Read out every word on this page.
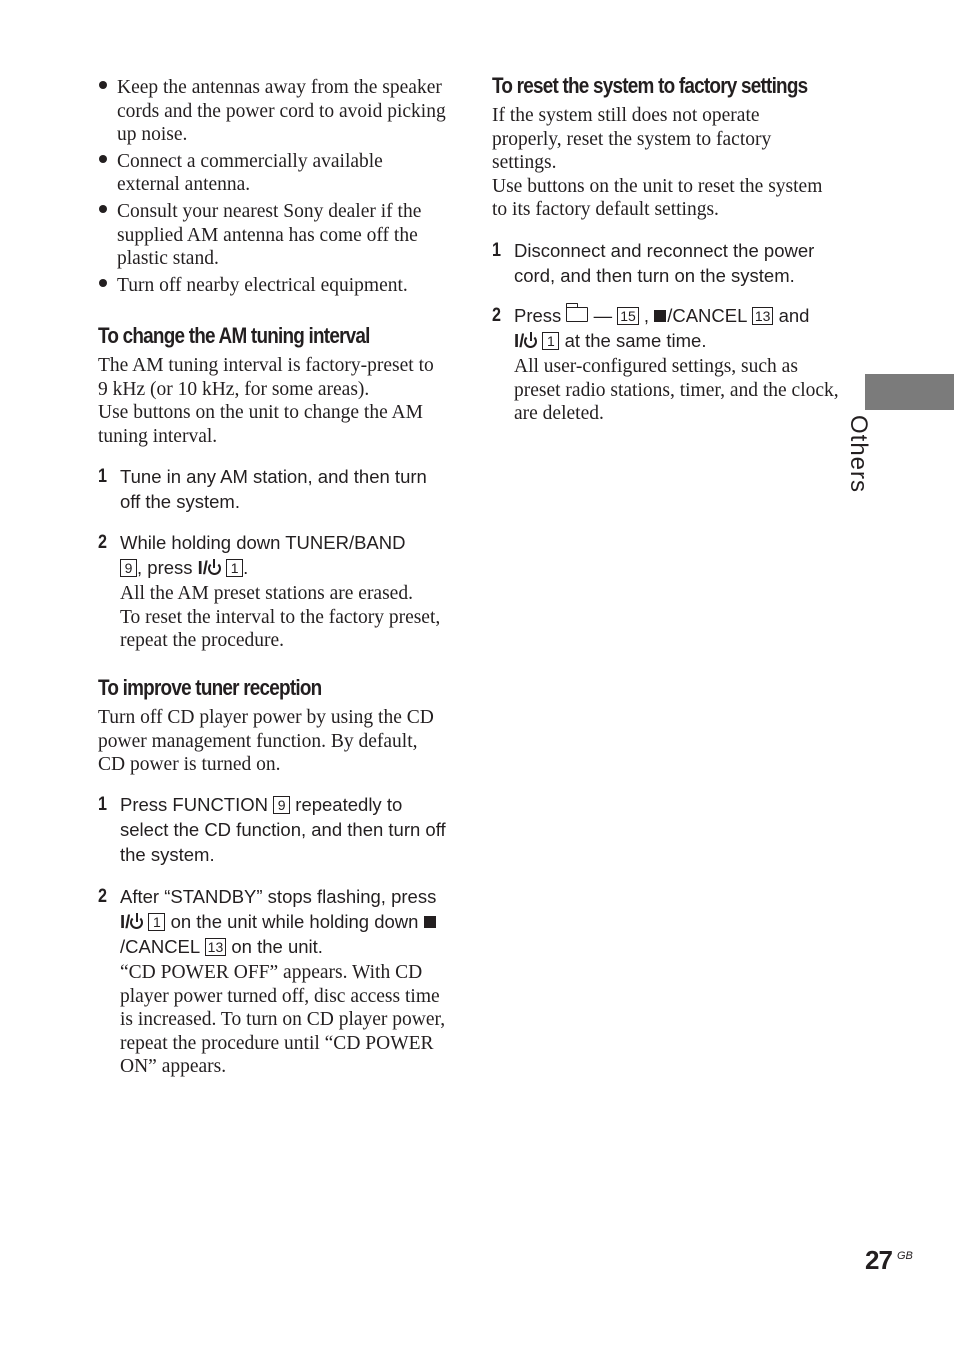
Keep the antennas away from the speaker cords and the power cord to avoid picking up noise.
Connect a commercially available external antenna.
Consult your nearest Sony dealer if the supplied AM antenna has come off the plastic stand.
Turn off nearby electrical equipment.
To change the AM tuning interval
The AM tuning interval is factory-preset to 9 kHz (or 10 kHz, for some areas).
Use buttons on the unit to change the AM tuning interval.
1 Tune in any AM station, and then turn off the system.
2 While holding down TUNER/BAND
9 , press I/ 1 .
All the AM preset stations are erased.
To reset the interval to the factory preset, repeat the procedure.
To improve tuner reception
Turn off CD player power by using the CD power management function. By default, CD power is turned on.
1 Press FUNCTION 9 repeatedly to select the CD function, and then turn off the system.
2 After “STANDBY” stops flashing, press I/ 1 on the unit while holding down /CANCEL 13 on the unit.
“CD POWER OFF” appears. With CD player power turned off, disc access time is increased. To turn on CD player power, repeat the procedure until “CD POWER ON” appears.
To reset the system to factory settings
If the system still does not operate properly, reset the system to factory settings.
Use buttons on the unit to reset the system to its factory default settings.
1 Disconnect and reconnect the power cord, and then turn on the system.
2 Press — 15 , /CANCEL 13 and
I/ 1 at the same time.
All user-configured settings, such as preset radio stations, timer, and the clock, are deleted.
Others
27 GB
